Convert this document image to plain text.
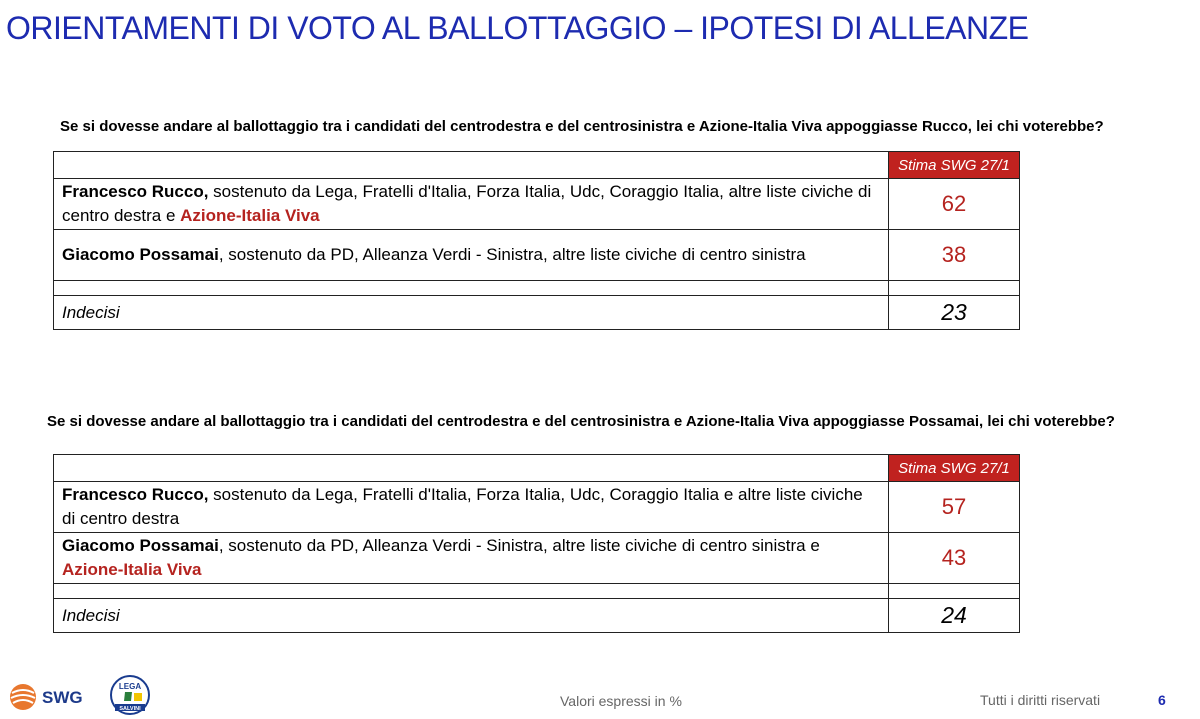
ORIENTAMENTI DI VOTO AL BALLOTTAGGIO – IPOTESI DI ALLEANZE
Se si dovesse andare al ballottaggio tra i candidati del centrodestra e del centrosinistra e Azione-Italia Viva appoggiasse Rucco, lei chi voterebbe?
	Stima SWG 27/1
Francesco Rucco, sostenuto da Lega, Fratelli d'Italia, Forza Italia, Udc, Coraggio Italia, altre liste civiche di centro destra e Azione-Italia Viva	62
Giacomo Possamai, sostenuto da PD, Alleanza Verdi - Sinistra, altre liste civiche di centro sinistra	38

Indecisi	23
Se si dovesse andare al ballottaggio tra i candidati del centrodestra e del centrosinistra e Azione-Italia Viva appoggiasse Possamai, lei chi voterebbe?
	Stima SWG 27/1
Francesco Rucco, sostenuto da Lega, Fratelli d'Italia, Forza Italia, Udc, Coraggio Italia e altre liste civiche di centro destra	57
Giacomo Possamai, sostenuto da PD, Alleanza Verdi - Sinistra, altre liste civiche di centro sinistra e Azione-Italia Viva	43

Indecisi	24
SWG
LEGA
SALVINI	Valori espressi in %	Tutti i diritti riservati	6
